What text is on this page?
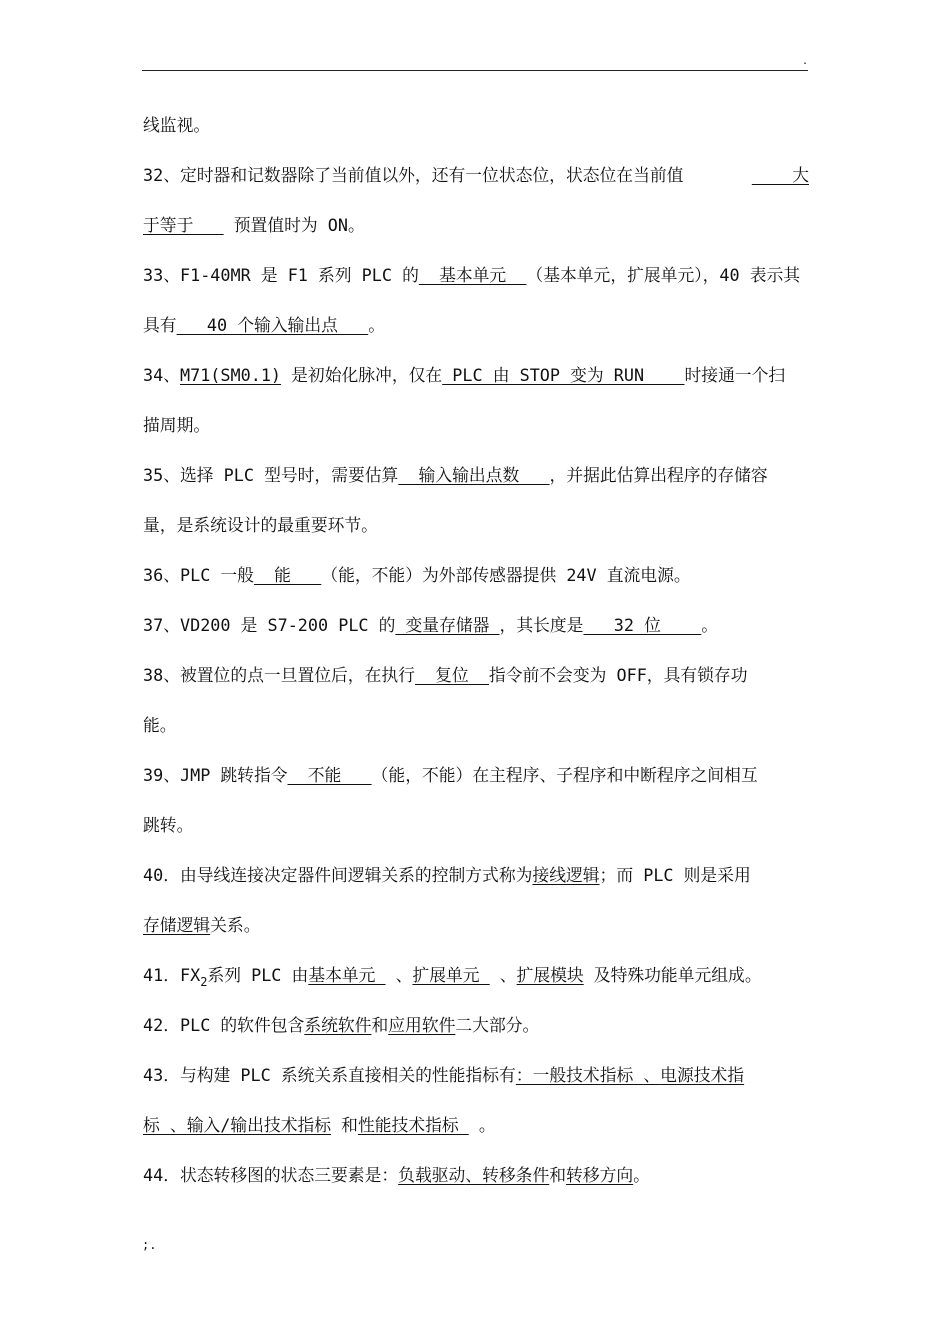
.
线监视。
32、定时器和记数器除了当前值以外，还有一位状态位，状态位在当前值	大
于等于    预置值时为 ON。
33、F1-40MR 是 F1 系列 PLC 的  基本单元  （基本单元，扩展单元），40 表示其
具有   40 个输入输出点   。
34、M71(SM0.1) 是初始化脉冲，仅在 PLC 由 STOP 变为 RUN    时接通一个扫
描周期。
35、选择 PLC 型号时，需要估算  输入输出点数   ，并据此估算出程序的存储容
量，是系统设计的最重要环节。
36、PLC 一般  能   （能，不能）为外部传感器提供 24V 直流电源。
37、VD200 是 S7-200 PLC 的 变量存储器 ，其长度是   32 位    。
38、被置位的点一旦置位后，在执行  复位  指令前不会变为 OFF，具有锁存功
能。
39、JMP 跳转指令  不能   （能，不能）在主程序、子程序和中断程序之间相互
跳转。
40．由导线连接决定器件间逻辑关系的控制方式称为接线逻辑；而 PLC 则是采用
存储逻辑关系。
41．$FX_2$系列 PLC 由基本单元  、扩展单元  、扩展模块 及特殊功能单元组成。
42．PLC 的软件包含系统软件和应用软件二大部分。
43．与构建 PLC 系统关系直接相关的性能指标有：一般技术指标 、电源技术指
标 、输入/输出技术指标 和性能技术指标  。
44．状态转移图的状态三要素是：负载驱动、转移条件和转移方向。
;.
